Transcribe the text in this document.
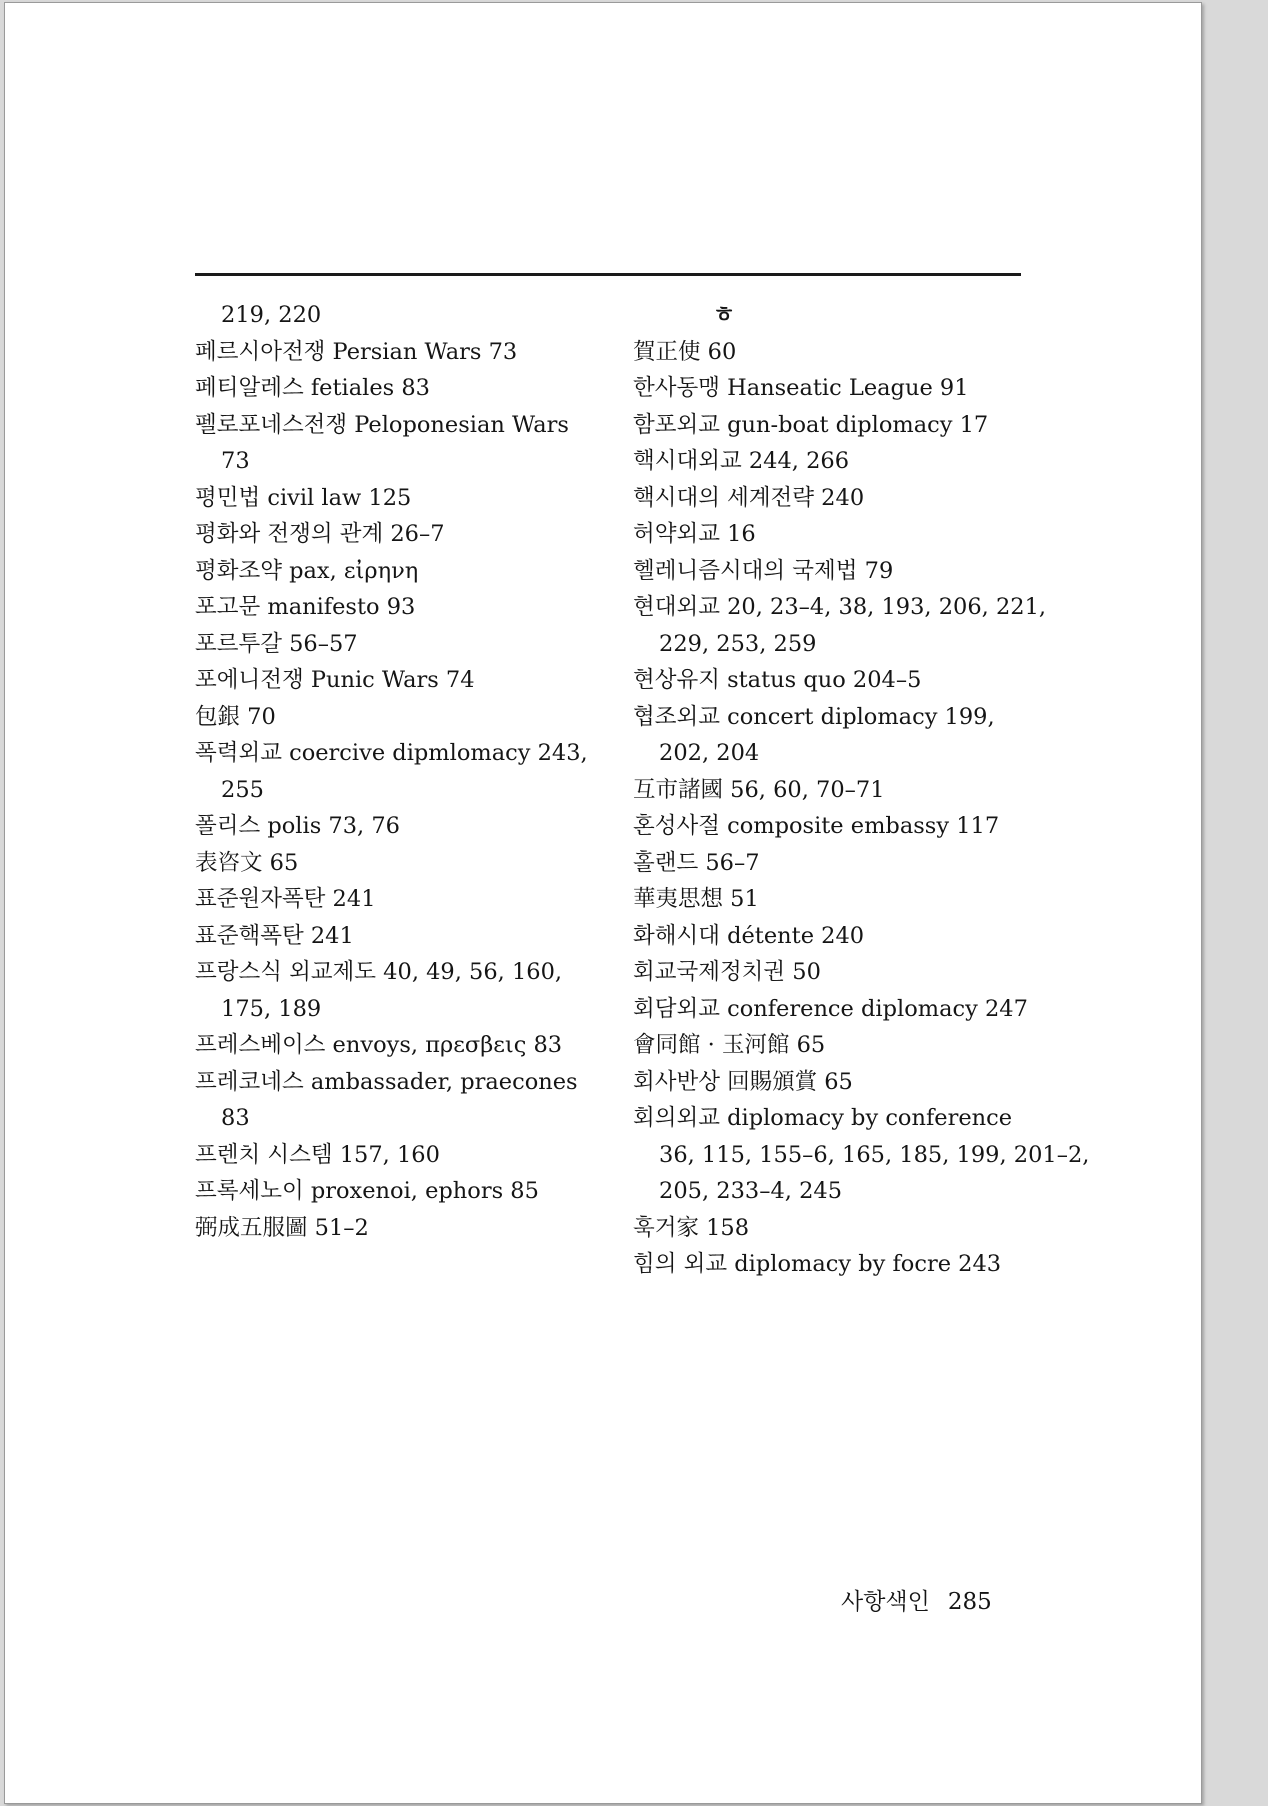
219, 220
페르시아전쟁 Persian Wars 73
페티알레스 fetiales 83
펠로포네스전쟁 Peloponesian Wars
73
평민법 civil law 125
평화와 전쟁의 관계 26–7
평화조약 pax, εἰρηνη
포고문 manifesto 93
포르투갈 56–57
포에니전쟁 Punic Wars 74
包銀 70
폭력외교 coercive dipmlomacy 243,
255
폴리스 polis 73, 76
表咨文 65
표준원자폭탄 241
표준핵폭탄 241
프랑스식 외교제도 40, 49, 56, 160,
175, 189
프레스베이스 envoys, πρεσβεις 83
프레코네스 ambassader, praecones
83
프렌치 시스템 157, 160
프록세노이 proxenoi, ephors 85
弼成五服圖 51–2
ㅎ
賀正使 60
한사동맹 Hanseatic League 91
함포외교 gun-boat diplomacy 17
핵시대외교 244, 266
핵시대의 세계전략 240
허약외교 16
헬레니즘시대의 국제법 79
현대외교 20, 23–4, 38, 193, 206, 221,
229, 253, 259
현상유지 status quo 204–5
협조외교 concert diplomacy 199,
202, 204
互市諸國 56, 60, 70–71
혼성사절 composite embassy 117
홀랜드 56–7
華夷思想 51
화해시대 détente 240
회교국제정치권 50
회담외교 conference diplomacy 247
會同館 · 玉河館 65
회사반상 回賜頒賞 65
회의외교 diplomacy by conference
36, 115, 155–6, 165, 185, 199, 201–2,
205, 233–4, 245
훅거家 158
힘의 외교 diplomacy by focre 243
사항색인 285
